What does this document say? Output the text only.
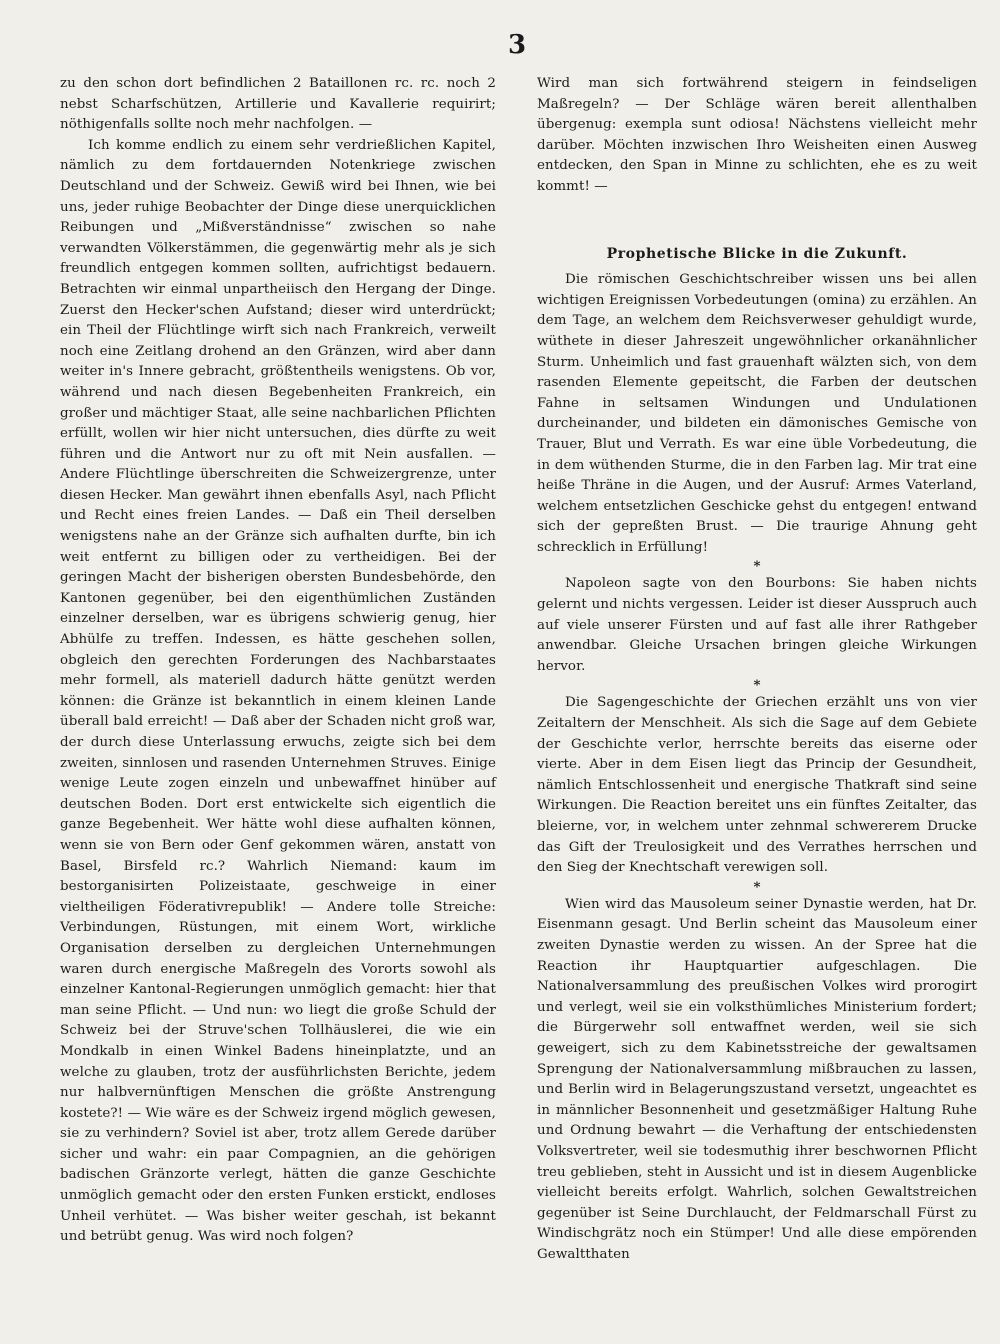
3

zu den schon dort befindlichen 2 Bataillonen rc. rc. noch 2 nebst Scharfschützen, Artillerie und Kavallerie requirirt; nöthigenfalls sollte noch mehr nachfolgen. —

Ich komme endlich zu einem sehr verdrießlichen Kapitel, nämlich zu dem fortdauernden Notenkriege zwischen Deutschland und der Schweiz. Gewiß wird bei Ihnen, wie bei uns, jeder ruhige Beobachter der Dinge diese unerquicklichen Reibungen und „Mißverständnisse“ zwischen so nahe verwandten Völkerstämmen, die gegenwärtig mehr als je sich freundlich entgegen kommen sollten, aufrichtigst bedauern. Betrachten wir einmal unpartheiisch den Hergang der Dinge. Zuerst den Hecker'schen Aufstand; dieser wird unterdrückt; ein Theil der Flüchtlinge wirft sich nach Frankreich, verweilt noch eine Zeitlang drohend an den Gränzen, wird aber dann weiter in's Innere gebracht, größtentheils wenigstens. Ob vor, während und nach diesen Begebenheiten Frankreich, ein großer und mächtiger Staat, alle seine nachbarlichen Pflichten erfüllt, wollen wir hier nicht untersuchen, dies dürfte zu weit führen und die Antwort nur zu oft mit Nein ausfallen. — Andere Flüchtlinge überschreiten die Schweizergrenze, unter diesen Hecker. Man gewährt ihnen ebenfalls Asyl, nach Pflicht und Recht eines freien Landes. — Daß ein Theil derselben wenigstens nahe an der Gränze sich aufhalten durfte, bin ich weit entfernt zu billigen oder zu vertheidigen. Bei der geringen Macht der bisherigen obersten Bundesbehörde, den Kantonen gegenüber, bei den eigenthümlichen Zuständen einzelner derselben, war es übrigens schwierig genug, hier Abhülfe zu treffen. Indessen, es hätte geschehen sollen, obgleich den gerechten Forderungen des Nachbarstaates mehr formell, als materiell dadurch hätte genützt werden können: die Gränze ist bekanntlich in einem kleinen Lande überall bald erreicht! — Daß aber der Schaden nicht groß war, der durch diese Unterlassung erwuchs, zeigte sich bei dem zweiten, sinnlosen und rasenden Unternehmen Struves. Einige wenige Leute zogen einzeln und unbewaffnet hinüber auf deutschen Boden. Dort erst entwickelte sich eigentlich die ganze Begebenheit. Wer hätte wohl diese aufhalten können, wenn sie von Bern oder Genf gekommen wären, anstatt von Basel, Birsfeld rc.? Wahrlich Niemand: kaum im bestorganisirten Polizeistaate, geschweige in einer vieltheiligen Föderativrepublik! — Andere tolle Streiche: Verbindungen, Rüstungen, mit einem Wort, wirkliche Organisation derselben zu dergleichen Unternehmungen waren durch energische Maßregeln des Vororts sowohl als einzelner Kantonal-Regierungen unmöglich gemacht: hier that man seine Pflicht. — Und nun: wo liegt die große Schuld der Schweiz bei der Struve'schen Tollhäuslerei, die wie ein Mondkalb in einen Winkel Badens hineinplatzte, und an welche zu glauben, trotz der ausführlichsten Berichte, jedem nur halbvernünftigen Menschen die größte Anstrengung kostete?! — Wie wäre es der Schweiz irgend möglich gewesen, sie zu verhindern? Soviel ist aber, trotz allem Gerede darüber sicher und wahr: ein paar Compagnien, an die gehörigen badischen Gränzorte verlegt, hätten die ganze Geschichte unmöglich gemacht oder den ersten Funken erstickt, endloses Unheil verhütet. — Was bisher weiter geschah, ist bekannt und betrübt genug. Was wird noch folgen?

Wird man sich fortwährend steigern in feindseligen Maßregeln? — Der Schläge wären bereit allenthalben übergenug: exempla sunt odiosa! Nächstens vielleicht mehr darüber. Möchten inzwischen Ihro Weisheiten einen Ausweg entdecken, den Span in Minne zu schlichten, ehe es zu weit kommt! —

Prophetische Blicke in die Zukunft.

Die römischen Geschichtschreiber wissen uns bei allen wichtigen Ereignissen Vorbedeutungen (omina) zu erzählen. An dem Tage, an welchem dem Reichsverweser gehuldigt wurde, wüthete in dieser Jahreszeit ungewöhnlicher orkanähnlicher Sturm. Unheimlich und fast grauenhaft wälzten sich, von dem rasenden Elemente gepeitscht, die Farben der deutschen Fahne in seltsamen Windungen und Undulationen durcheinander, und bildeten ein dämonisches Gemische von Trauer, Blut und Verrath. Es war eine üble Vorbedeutung, die in dem wüthenden Sturme, die in den Farben lag. Mir trat eine heiße Thräne in die Augen, und der Ausruf: Armes Vaterland, welchem entsetzlichen Geschicke gehst du entgegen! entwand sich der gepreßten Brust. — Die traurige Ahnung geht schrecklich in Erfüllung!

*

Napoleon sagte von den Bourbons: Sie haben nichts gelernt und nichts vergessen. Leider ist dieser Ausspruch auch auf viele unserer Fürsten und auf fast alle ihrer Rathgeber anwendbar. Gleiche Ursachen bringen gleiche Wirkungen hervor.

*

Die Sagengeschichte der Griechen erzählt uns von vier Zeitaltern der Menschheit. Als sich die Sage auf dem Gebiete der Geschichte verlor, herrschte bereits das eiserne oder vierte. Aber in dem Eisen liegt das Princip der Gesundheit, nämlich Entschlossenheit und energische Thatkraft sind seine Wirkungen. Die Reaction bereitet uns ein fünftes Zeitalter, das bleierne, vor, in welchem unter zehnmal schwererem Drucke das Gift der Treulosigkeit und des Verrathes herrschen und den Sieg der Knechtschaft verewigen soll.

*

Wien wird das Mausoleum seiner Dynastie werden, hat Dr. Eisenmann gesagt. Und Berlin scheint das Mausoleum einer zweiten Dynastie werden zu wissen. An der Spree hat die Reaction ihr Hauptquartier aufgeschlagen. Die Nationalversammlung des preußischen Volkes wird prorogirt und verlegt, weil sie ein volksthümliches Ministerium fordert; die Bürgerwehr soll entwaffnet werden, weil sie sich geweigert, sich zu dem Kabinetsstreiche der gewaltsamen Sprengung der Nationalversammlung mißbrauchen zu lassen, und Berlin wird in Belagerungszustand versetzt, ungeachtet es in männlicher Besonnenheit und gesetzmäßiger Haltung Ruhe und Ordnung bewahrt — die Verhaftung der entschiedensten Volksvertreter, weil sie todesmuthig ihrer beschwornen Pflicht treu geblieben, steht in Aussicht und ist in diesem Augenblicke vielleicht bereits erfolgt. Wahrlich, solchen Gewaltstreichen gegenüber ist Seine Durchlaucht, der Feldmarschall Fürst zu Windischgrätz noch ein Stümper! Und alle diese empörenden Gewaltthaten
